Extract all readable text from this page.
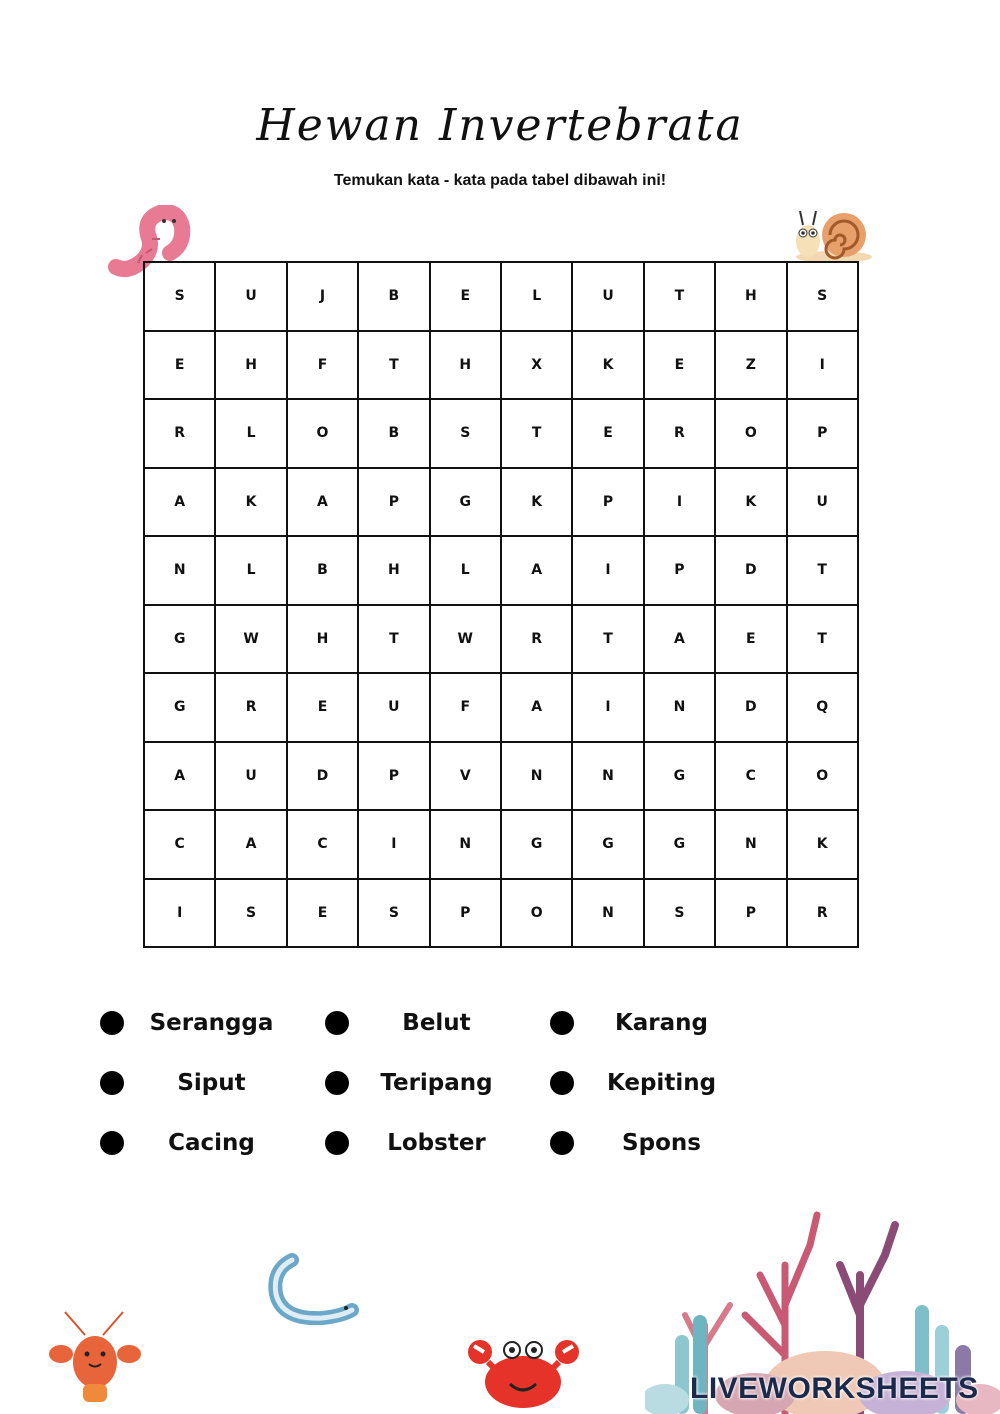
Hewan Invertebrata
Temukan kata - kata pada tabel dibawah ini!
S	U	J	B	E	L	U	T	H	S
E	H	F	T	H	X	K	E	Z	I
R	L	O	B	S	T	E	R	O	P
A	K	A	P	G	K	P	I	K	U
N	L	B	H	L	A	I	P	D	T
G	W	H	T	W	R	T	A	E	T
G	R	E	U	F	A	I	N	D	Q
A	U	D	P	V	N	N	G	C	O
C	A	C	I	N	G	G	G	N	K
I	S	E	S	P	O	N	S	P	R
Serangga	Belut	Karang
Siput	Teripang	Kepiting
Cacing	Lobster	Spons
LIVEWORKSHEETS
